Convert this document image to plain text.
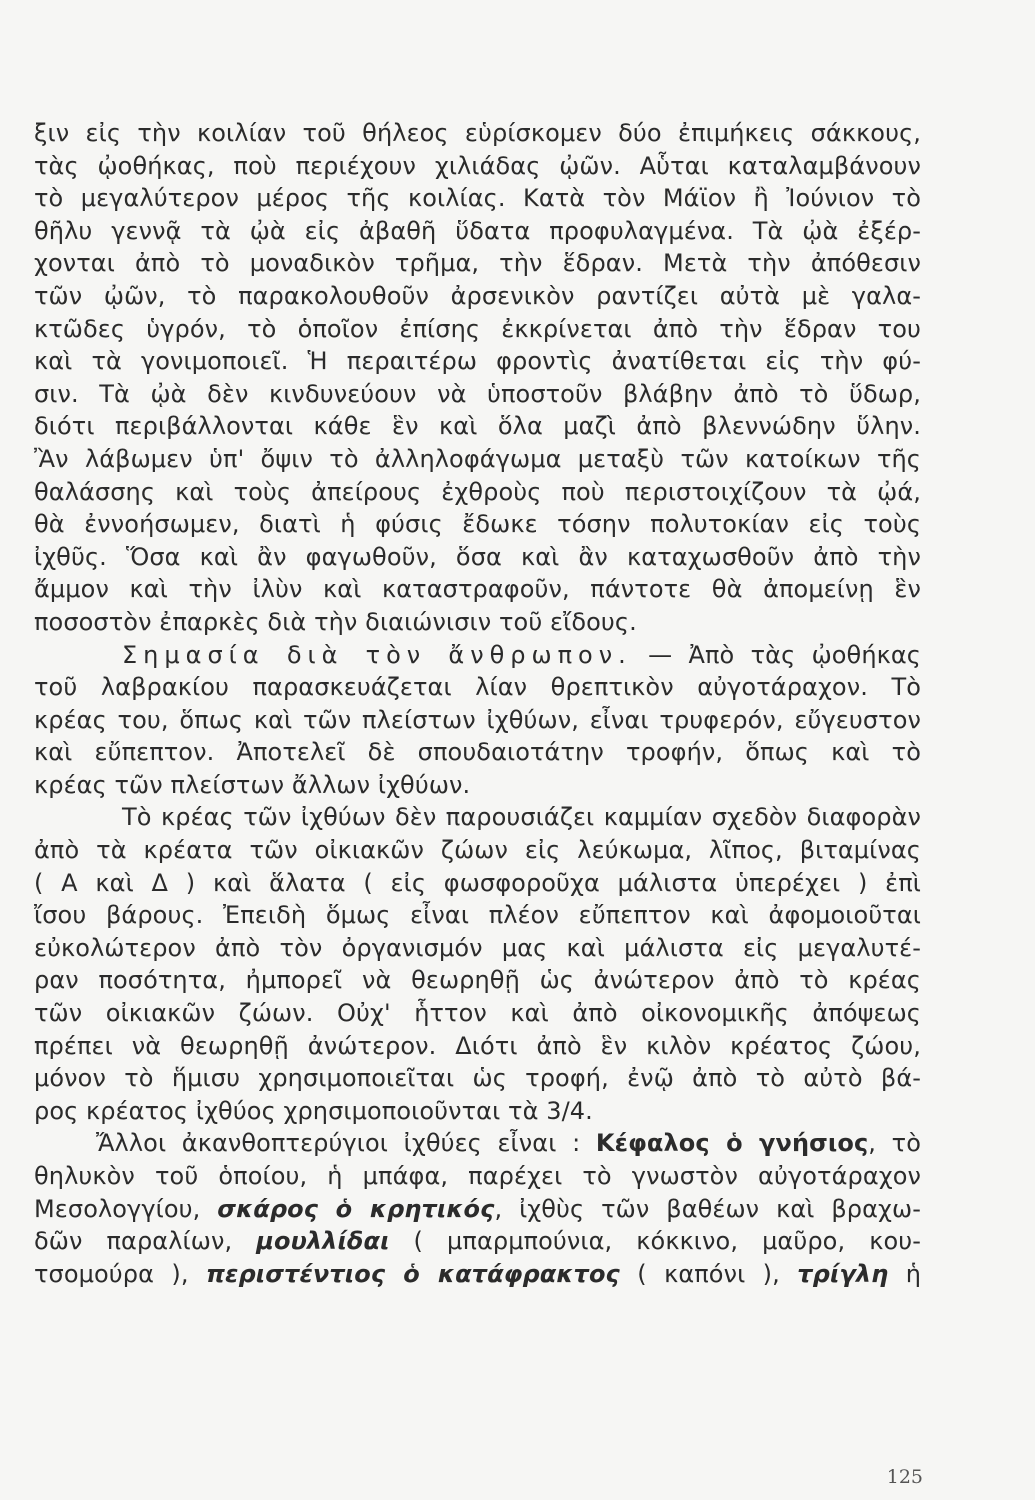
ξιν εἰς τὴν κοιλίαν τοῦ θήλεος εὑρίσκομεν δύο ἐπιμήκεις σάκκους,
τὰς ᾠοθήκας, ποὺ περιέχουν χιλιάδας ᾠῶν. Αὗται καταλαμβάνουν
τὸ μεγαλύτερον μέρος τῆς κοιλίας. Κατὰ τὸν Μάϊον ἢ Ἰούνιον τὸ
θῆλυ γεννᾷ τὰ ᾠὰ εἰς ἀβαθῆ ὕδατα προφυλαγμένα. Τὰ ᾠὰ ἐξέρ-
χονται ἀπὸ τὸ μοναδικὸν τρῆμα, τὴν ἕδραν. Μετὰ τὴν ἀπόθεσιν
τῶν ᾠῶν, τὸ παρακολουθοῦν ἀρσενικὸν ραντίζει αὐτὰ μὲ γαλα-
κτῶδες ὑγρόν, τὸ ὁποῖον ἐπίσης ἐκκρίνεται ἀπὸ τὴν ἕδραν του
καὶ τὰ γονιμοποιεῖ. Ἡ περαιτέρω φροντὶς ἀνατίθεται εἰς τὴν φύ-
σιν. Τὰ ᾠὰ δὲν κινδυνεύουν νὰ ὑποστοῦν βλάβην ἀπὸ τὸ ὕδωρ,
διότι περιβάλλονται κάθε ἓν καὶ ὅλα μαζὶ ἀπὸ βλεννώδην ὕλην.
Ἂν λάβωμεν ὑπ' ὄψιν τὸ ἀλληλοφάγωμα μεταξὺ τῶν κατοίκων τῆς
θαλάσσης καὶ τοὺς ἀπείρους ἐχθροὺς ποὺ περιστοιχίζουν τὰ ᾠά,
θὰ ἐννοήσωμεν, διατὶ ἡ φύσις ἔδωκε τόσην πολυτοκίαν εἰς τοὺς
ἰχθῦς. Ὅσα καὶ ἂν φαγωθοῦν, ὅσα καὶ ἂν καταχωσθοῦν ἀπὸ τὴν
ἄμμον καὶ τὴν ἰλὺν καὶ καταστραφοῦν, πάντοτε θὰ ἀπομείνῃ ἓν
ποσοστὸν ἐπαρκὲς διὰ τὴν διαιώνισιν τοῦ εἴδους.
Σημασία διὰ τὸν ἄνθρωπον. — Ἀπὸ τὰς ᾠοθήκας
τοῦ λαβρακίου παρασκευάζεται λίαν θρεπτικὸν αὐγοτάραχον. Τὸ
κρέας του, ὅπως καὶ τῶν πλείστων ἰχθύων, εἶναι τρυφερόν, εὔγευστον
καὶ εὔπεπτον. Ἀποτελεῖ δὲ σπουδαιοτάτην τροφήν, ὅπως καὶ τὸ
κρέας τῶν πλείστων ἄλλων ἰχθύων.
Τὸ κρέας τῶν ἰχθύων δὲν παρουσιάζει καμμίαν σχεδὸν διαφορὰν
ἀπὸ τὰ κρέατα τῶν οἰκιακῶν ζώων εἰς λεύκωμα, λῖπος, βιταμίνας
( Α καὶ Δ ) καὶ ἅλατα ( εἰς φωσφοροῦχα μάλιστα ὑπερέχει ) ἐπὶ
ἴσου βάρους. Ἐπειδὴ ὅμως εἶναι πλέον εὔπεπτον καὶ ἀφομοιοῦται
εὐκολώτερον ἀπὸ τὸν ὀργανισμόν μας καὶ μάλιστα εἰς μεγαλυτέ-
ραν ποσότητα, ἠμπορεῖ νὰ θεωρηθῇ ὡς ἀνώτερον ἀπὸ τὸ κρέας
τῶν οἰκιακῶν ζώων. Οὐχ' ἧττον καὶ ἀπὸ οἰκονομικῆς ἀπόψεως
πρέπει νὰ θεωρηθῇ ἀνώτερον. Διότι ἀπὸ ἓν κιλὸν κρέατος ζώου,
μόνον τὸ ἥμισυ χρησιμοποιεῖται ὡς τροφή, ἐνῷ ἀπὸ τὸ αὐτὸ βά-
ρος κρέατος ἰχθύος χρησιμοποιοῦνται τὰ 3/4.
Ἄλλοι ἀκανθοπτερύγιοι ἰχθύες εἶναι : Κέφαλος ὁ γνήσιος, τὸ
θηλυκὸν τοῦ ὁποίου, ἡ μπάφα, παρέχει τὸ γνωστὸν αὐγοτάραχον
Μεσολογγίου, σκάρος ὁ κρητικός, ἰχθὺς τῶν βαθέων καὶ βραχω-
δῶν παραλίων, μουλλίδαι ( μπαρμπούνια, κόκκινο, μαῦρο, κου-
τσομούρα ), περιστέντιος ὁ κατάφρακτος ( καπόνι ), τρίγλη ἡ
125
